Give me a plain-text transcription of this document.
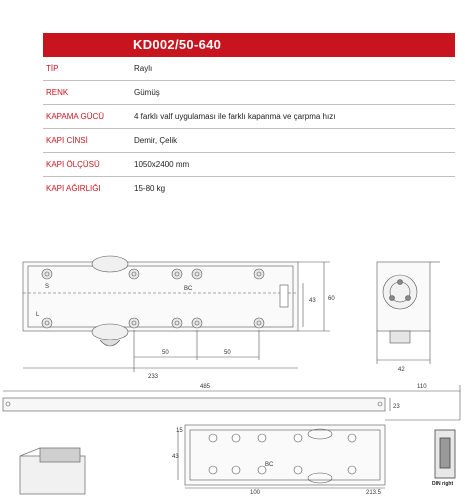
KD002/50-640
TİP	Raylı
RENK	Gümüş
KAPAMA GÜCÜ	4 farklı valf uygulaması ile farklı kapanma ve çarpma hızı
KAPI CİNSİ	Demir, Çelik
KAPI ÖLÇÜSÜ	1050x2400 mm
KAPI AĞIRLIĞI	15-80 kg
S
L
BC
50	50
233
43 60
42
485	110
23
15
43
BC
100	213.5
DIN right
